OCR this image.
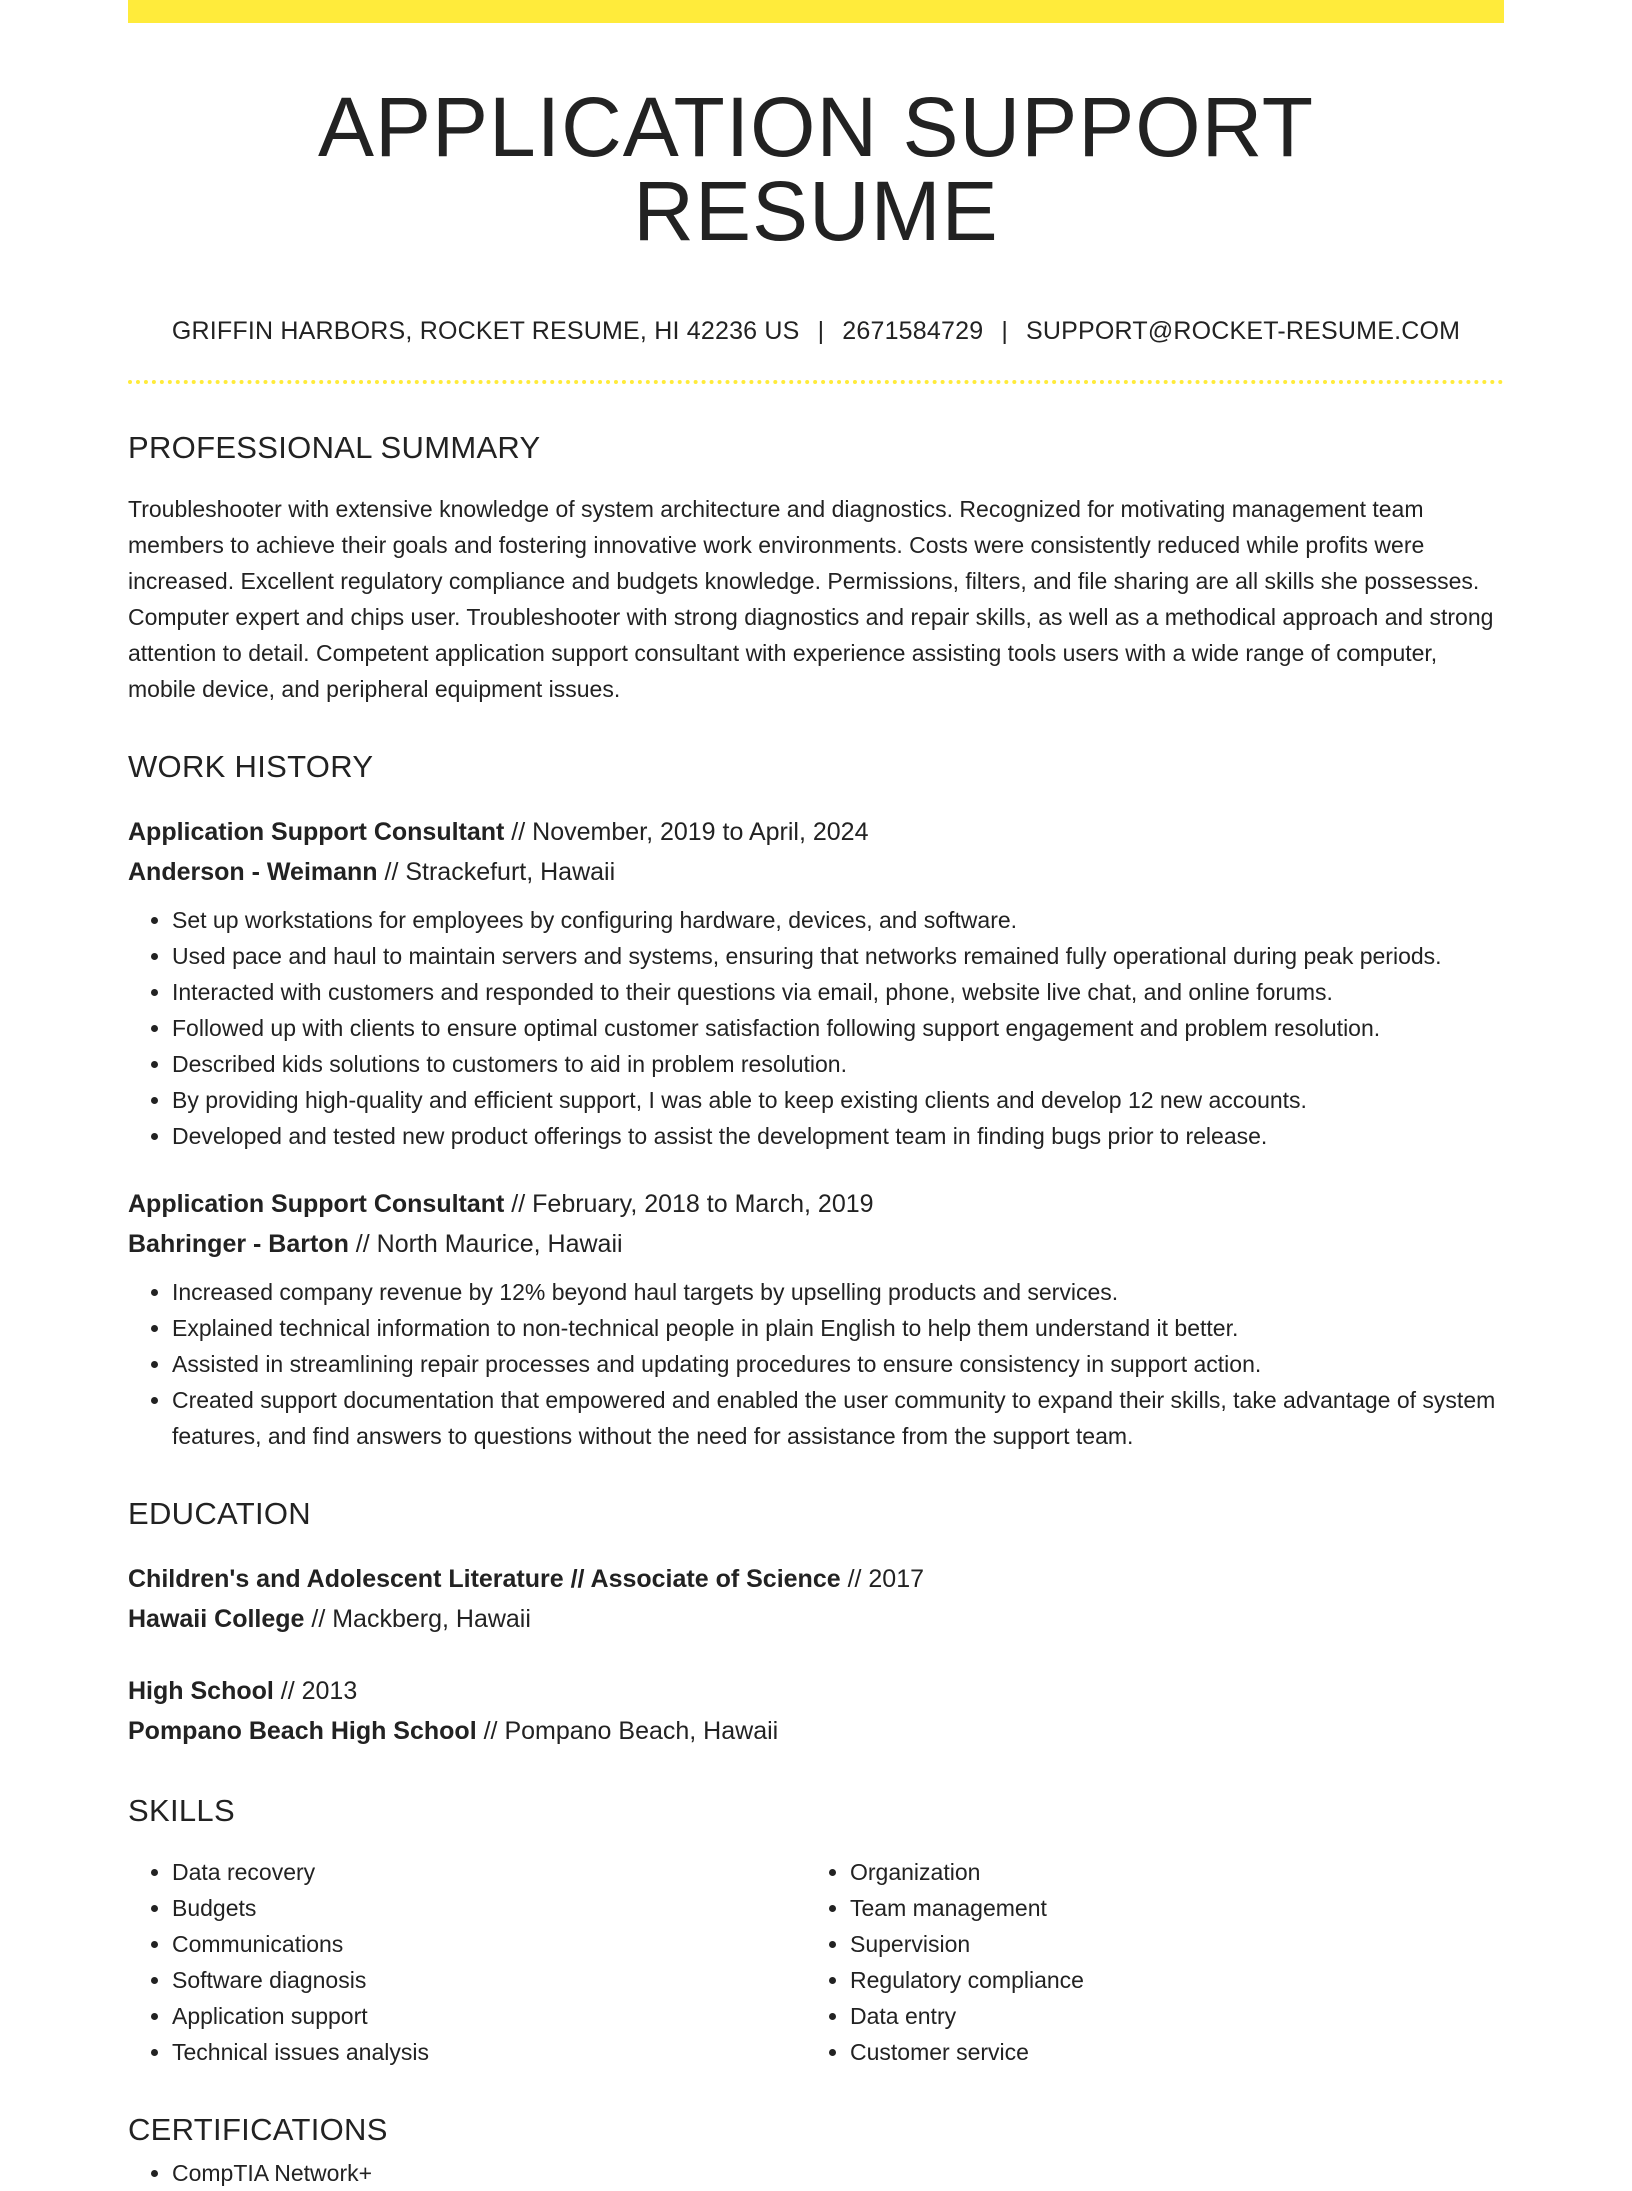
APPLICATION SUPPORT RESUME
GRIFFIN HARBORS, ROCKET RESUME, HI 42236 US | 2671584729 | SUPPORT@ROCKET-RESUME.COM
PROFESSIONAL SUMMARY

Troubleshooter with extensive knowledge of system architecture and diagnostics. Recognized for motivating management team members to achieve their goals and fostering innovative work environments. Costs were consistently reduced while profits were increased. Excellent regulatory compliance and budgets knowledge. Permissions, filters, and file sharing are all skills she possesses. Computer expert and chips user. Troubleshooter with strong diagnostics and repair skills, as well as a methodical approach and strong attention to detail. Competent application support consultant with experience assisting tools users with a wide range of computer, mobile device, and peripheral equipment issues.

WORK HISTORY
Application Support Consultant // November, 2019 to April, 2024
Anderson - Weimann // Strackefurt, Hawaii
• Set up workstations for employees by configuring hardware, devices, and software.
• Used pace and haul to maintain servers and systems, ensuring that networks remained fully operational during peak periods.
• Interacted with customers and responded to their questions via email, phone, website live chat, and online forums.
• Followed up with clients to ensure optimal customer satisfaction following support engagement and problem resolution.
• Described kids solutions to customers to aid in problem resolution.
• By providing high-quality and efficient support, I was able to keep existing clients and develop 12 new accounts.
• Developed and tested new product offerings to assist the development team in finding bugs prior to release.
Application Support Consultant // February, 2018 to March, 2019
Bahringer - Barton // North Maurice, Hawaii
• Increased company revenue by 12% beyond haul targets by upselling products and services.
• Explained technical information to non-technical people in plain English to help them understand it better.
• Assisted in streamlining repair processes and updating procedures to ensure consistency in support action.
• Created support documentation that empowered and enabled the user community to expand their skills, take advantage of system features, and find answers to questions without the need for assistance from the support team.
EDUCATION
Children's and Adolescent Literature // Associate of Science // 2017
Hawaii College // Mackberg, Hawaii
High School // 2013
Pompano Beach High School // Pompano Beach, Hawaii
SKILLS
• Data recovery
• Budgets
• Communications
• Software diagnosis
• Application support
• Technical issues analysis
• Organization
• Team management
• Supervision
• Regulatory compliance
• Data entry
• Customer service
CERTIFICATIONS
• CompTIA Network+
